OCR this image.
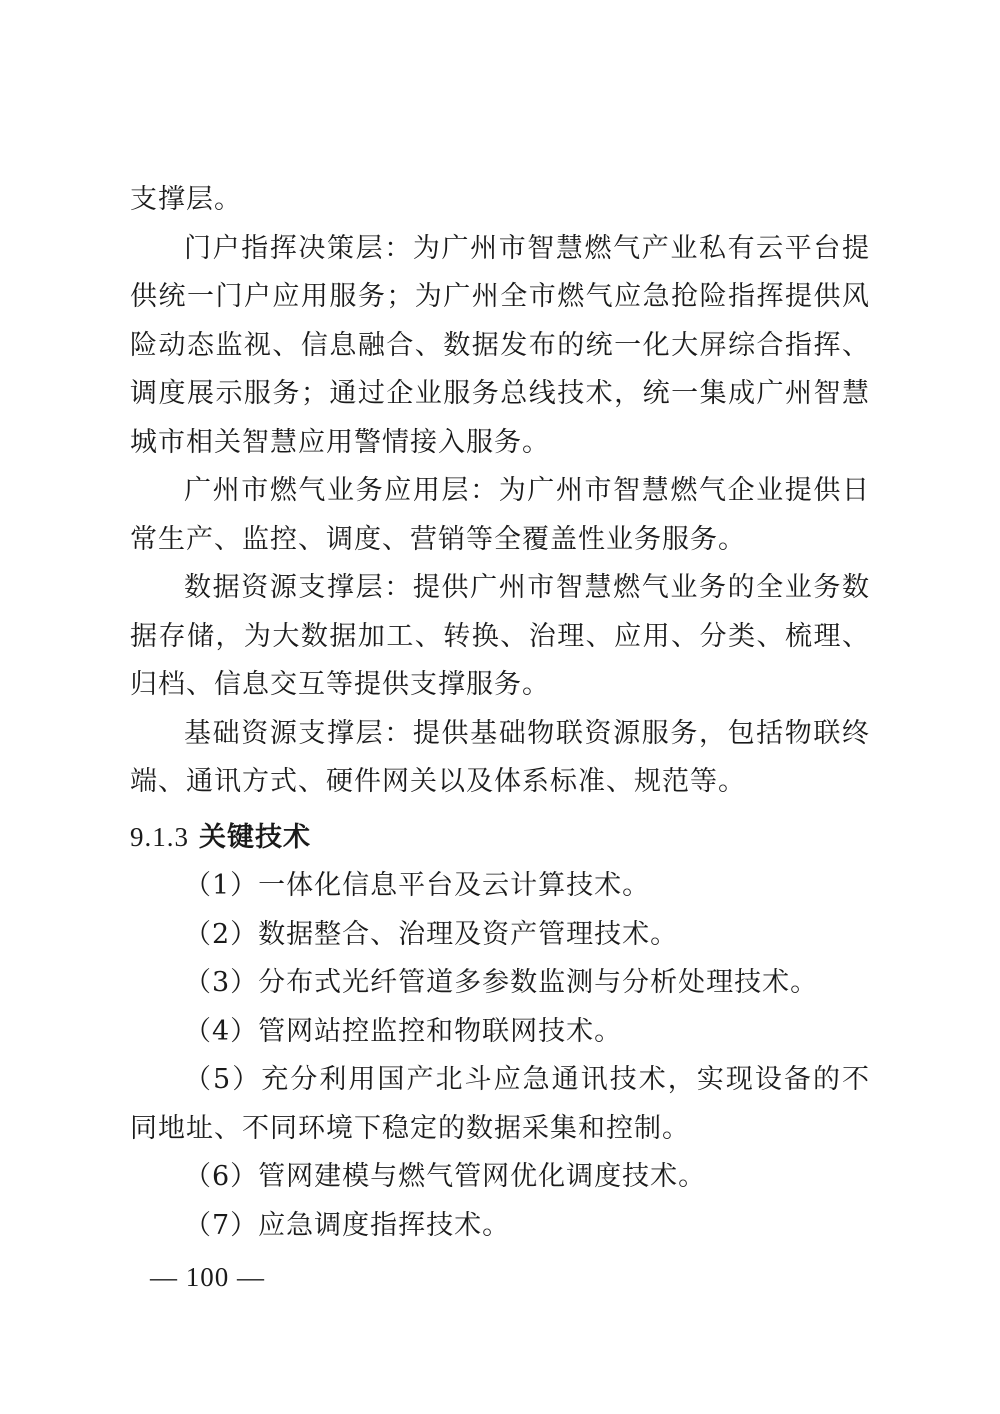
支撑层。

门户指挥决策层：为广州市智慧燃气产业私有云平台提供统一门户应用服务；为广州全市燃气应急抢险指挥提供风险动态监视、信息融合、数据发布的统一化大屏综合指挥、调度展示服务；通过企业服务总线技术，统一集成广州智慧城市相关智慧应用警情接入服务。

广州市燃气业务应用层：为广州市智慧燃气企业提供日常生产、监控、调度、营销等全覆盖性业务服务。

数据资源支撑层：提供广州市智慧燃气业务的全业务数据存储，为大数据加工、转换、治理、应用、分类、梳理、归档、信息交互等提供支撑服务。

基础资源支撑层：提供基础物联资源服务，包括物联终端、通讯方式、硬件网关以及体系标准、规范等。

9.1.3 关键技术

（1）一体化信息平台及云计算技术。

（2）数据整合、治理及资产管理技术。

（3）分布式光纤管道多参数监测与分析处理技术。

（4）管网站控监控和物联网技术。

（5）充分利用国产北斗应急通讯技术，实现设备的不同地址、不同环境下稳定的数据采集和控制。

（6）管网建模与燃气管网优化调度技术。

（7）应急调度指挥技术。

— 100 —
